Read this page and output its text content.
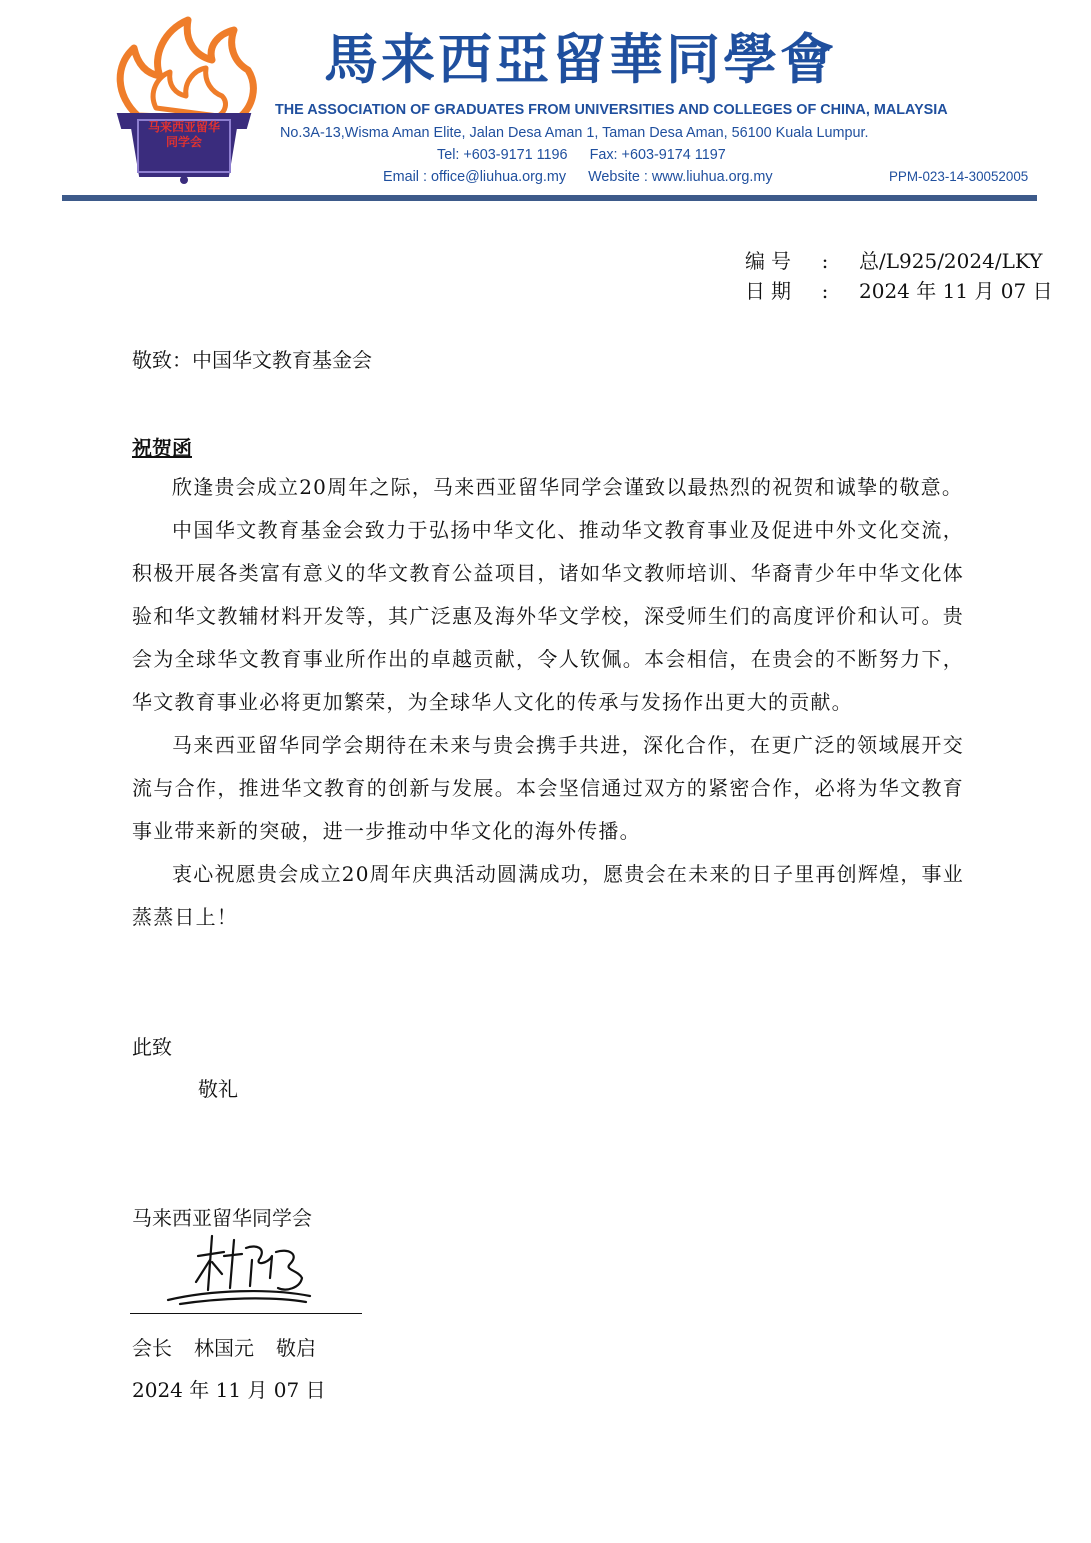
马来西亚留华同学会
馬来西亞留華同學會
THE ASSOCIATION OF GRADUATES FROM UNIVERSITIES AND COLLEGES OF CHINA, MALAYSIA
No.3A-13,Wisma Aman Elite, Jalan Desa Aman 1, Taman Desa Aman, 56100 Kuala Lumpur.
Tel: +603-9171 1196 Fax: +603-9174 1197
Email : office@liuhua.org.my Website : www.liuhua.org.my	PPM-023-14-30052005
编号 : 总/L925/2024/LKY
日期 : 2024 年 11 月 07 日
敬致：中国华文教育基金会
祝贺函

欣逢贵会成立20周年之际，马来西亚留华同学会谨致以最热烈的祝贺和诚挚的敬意。

中国华文教育基金会致力于弘扬中华文化、推动华文教育事业及促进中外文化交流，积极开展各类富有意义的华文教育公益项目，诸如华文教师培训、华裔青少年中华文化体验和华文教辅材料开发等，其广泛惠及海外华文学校，深受师生们的高度评价和认可。贵会为全球华文教育事业所作出的卓越贡献，令人钦佩。本会相信，在贵会的不断努力下，华文教育事业必将更加繁荣，为全球华人文化的传承与发扬作出更大的贡献。

马来西亚留华同学会期待在未来与贵会携手共进，深化合作，在更广泛的领域展开交流与合作，推进华文教育的创新与发展。本会坚信通过双方的紧密合作，必将为华文教育事业带来新的突破，进一步推动中华文化的海外传播。

衷心祝愿贵会成立20周年庆典活动圆满成功，愿贵会在未来的日子里再创辉煌，事业蒸蒸日上！

此致
敬礼
马来西亚留华同学会
会长 林国元 敬启
2024 年 11 月 07 日
